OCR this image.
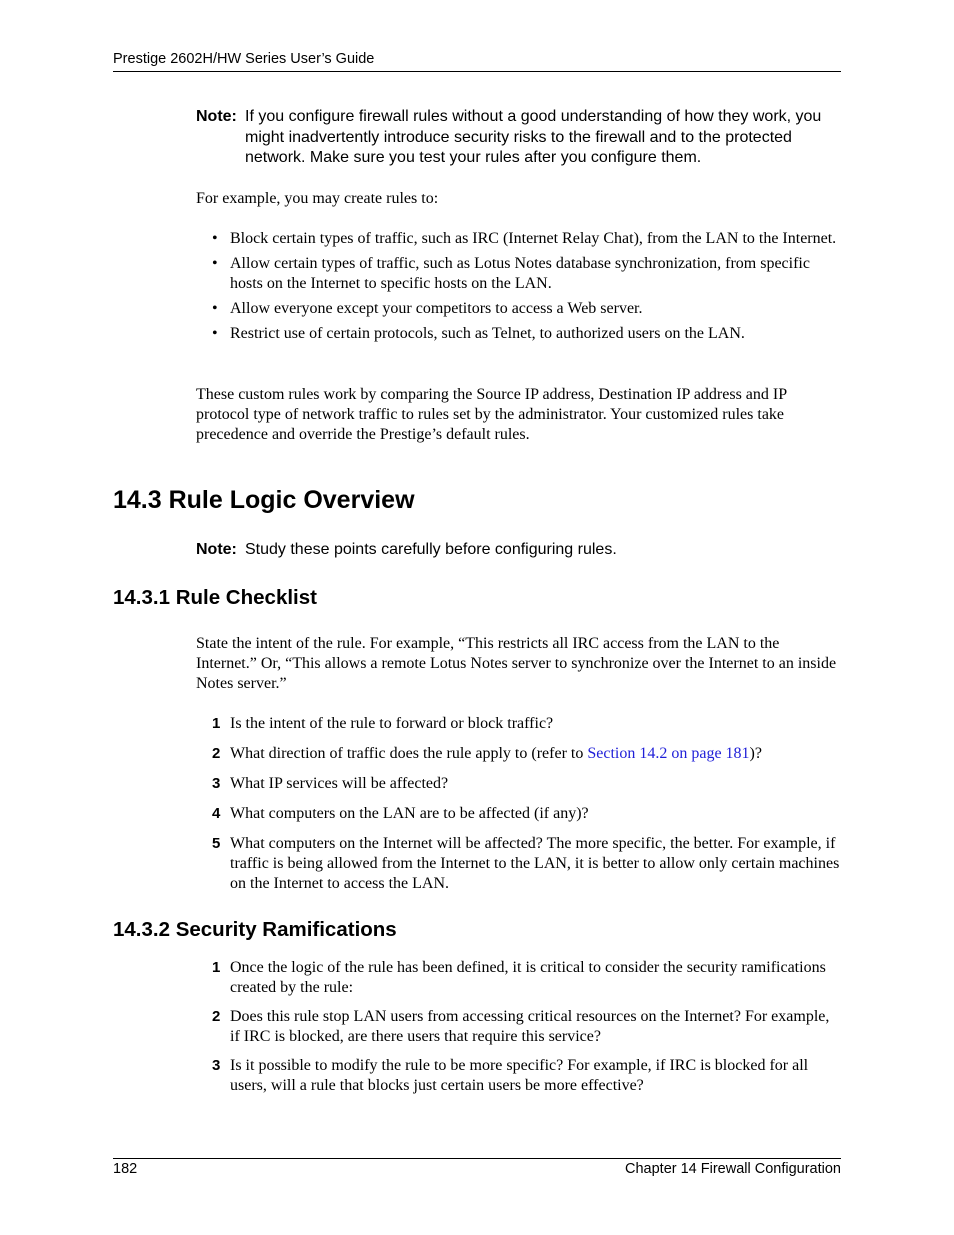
Prestige 2602H/HW Series User’s Guide
Note: If you configure firewall rules without a good understanding of how they work, you might inadvertently introduce security risks to the firewall and to the protected network. Make sure you test your rules after you configure them.
For example, you may create rules to:
• Block certain types of traffic, such as IRC (Internet Relay Chat), from the LAN to the Internet.
• Allow certain types of traffic, such as Lotus Notes database synchronization, from specific hosts on the Internet to specific hosts on the LAN.
• Allow everyone except your competitors to access a Web server.
• Restrict use of certain protocols, such as Telnet, to authorized users on the LAN.
These custom rules work by comparing the Source IP address, Destination IP address and IP protocol type of network traffic to rules set by the administrator. Your customized rules take precedence and override the Prestige’s default rules.
14.3 Rule Logic Overview
Note: Study these points carefully before configuring rules.
14.3.1 Rule Checklist
State the intent of the rule. For example, “This restricts all IRC access from the LAN to the Internet.” Or, “This allows a remote Lotus Notes server to synchronize over the Internet to an inside Notes server.”
1 Is the intent of the rule to forward or block traffic?
2 What direction of traffic does the rule apply to (refer to Section 14.2 on page 181)?
3 What IP services will be affected?
4 What computers on the LAN are to be affected (if any)?
5 What computers on the Internet will be affected? The more specific, the better. For example, if traffic is being allowed from the Internet to the LAN, it is better to allow only certain machines on the Internet to access the LAN.
14.3.2 Security Ramifications
1 Once the logic of the rule has been defined, it is critical to consider the security ramifications created by the rule:
2 Does this rule stop LAN users from accessing critical resources on the Internet? For example, if IRC is blocked, are there users that require this service?
3 Is it possible to modify the rule to be more specific? For example, if IRC is blocked for all users, will a rule that blocks just certain users be more effective?
182	Chapter 14 Firewall Configuration
